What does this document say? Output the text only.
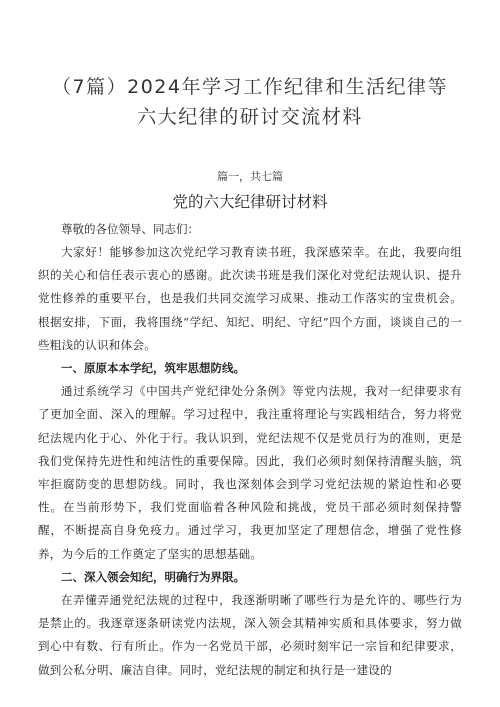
（7篇）2024年学习工作纪律和生活纪律等六大纪律的研讨交流材料
篇一，共七篇
党的六大纪律研讨材料
尊敬的各位领导、同志们：

大家好！能够参加这次党纪学习教育读书班，我深感荣幸。在此，我要向组织的关心和信任表示衷心的感谢。此次读书班是我们深化对党纪法规认识、提升党性修养的重要平台，也是我们共同交流学习成果、推动工作落实的宝贵机会。根据安排，下面，我将围绕“学纪、知纪、明纪、守纪”四个方面，谈谈自己的一些粗浅的认识和体会。

一、原原本本学纪，筑牢思想防线。

通过系统学习《中国共产党纪律处分条例》等党内法规，我对一纪律要求有了更加全面、深入的理解。学习过程中，我注重将理论与实践相结合，努力将党纪法规内化于心、外化于行。我认识到，党纪法规不仅是党员行为的准则，更是我们党保持先进性和纯洁性的重要保障。因此，我们必须时刻保持清醒头脑，筑牢拒腐防变的思想防线。同时，我也深刻体会到学习党纪法规的紧迫性和必要性。在当前形势下，我们党面临着各种风险和挑战，党员干部必须时刻保持警醒，不断提高自身免疫力。通过学习，我更加坚定了理想信念，增强了党性修养，为今后的工作奠定了坚实的思想基础。

二、深入领会知纪，明确行为界限。

在弄懂弄通党纪法规的过程中，我逐渐明晰了哪些行为是允许的、哪些行为是禁止的。我逐章逐条研读党内法规，深入领会其精神实质和具体要求，努力做到心中有数、行有所止。作为一名党员干部，必须时刻牢记一宗旨和纪律要求，做到公私分明、廉洁自律。同时，党纪法规的制定和执行是一建设的
